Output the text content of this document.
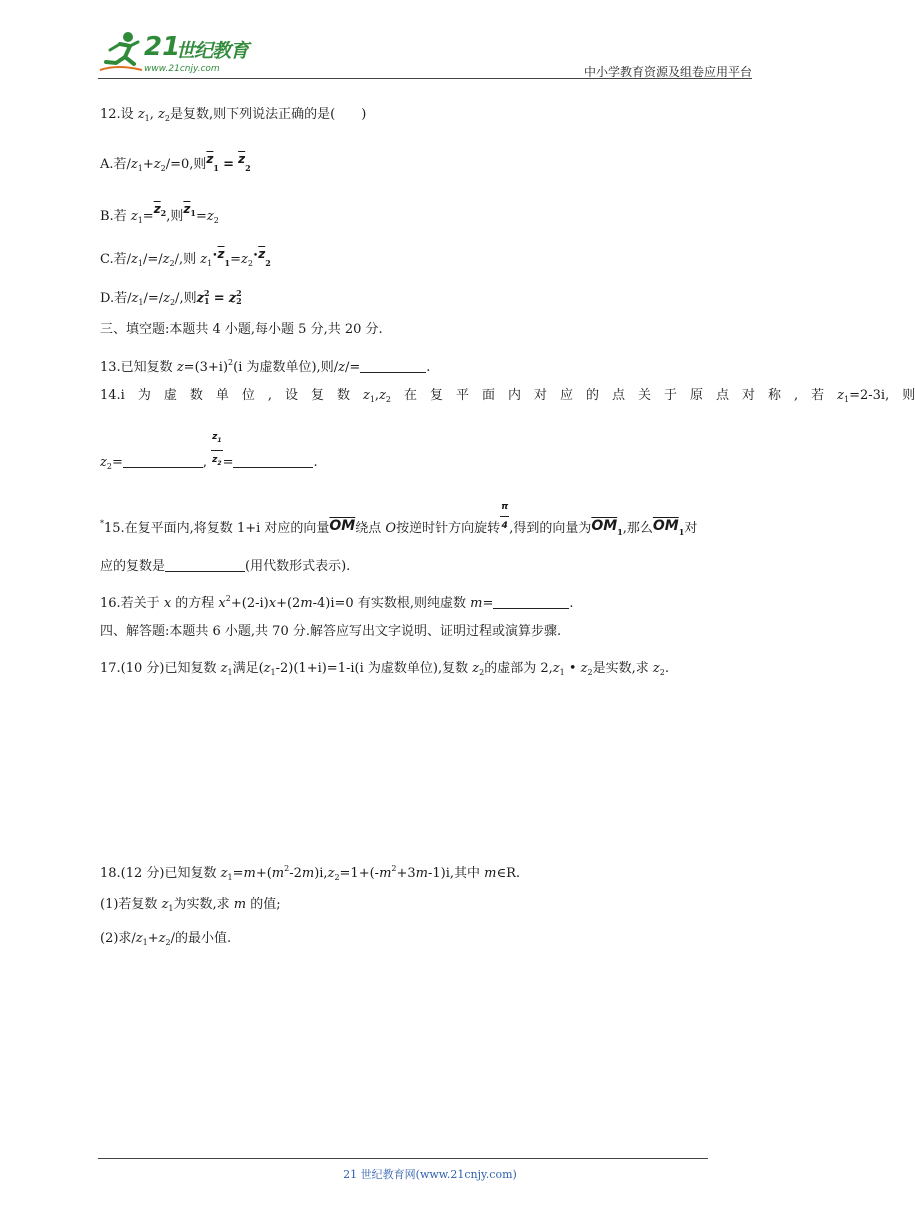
21
世纪教育
www.21cnjy.com	中小学教育资源及组卷应用平台
12.设 $z_1$, $z_2$是复数,则下列说法正确的是(　　)
A.若$/z_1+z_2/=0$,则$\overline{z}_1 = \overline{z}_2$
B.若 $z_1=\overline{z}^2$,则$\overline{z}^1=z_2$
C.若$/z_1/=/z_2/$,则 $z_1^•\overline{z}_1=z_2^•\overline{z}_2$
D.若$/z_1/=/z_2/$,则z2
1 = z2
2
三、填空题:本题共 4 小题,每小题 5 分,共 20 分.
13.已知复数 $z=(3+i)^2(i$ 为虚数单位),则/z/=	.
14.i　为　虚　数　单　位　,　设　复　数　$z_1,z_2$　在　复　平　面　内　对　应　的　点　关　于　原　点　对　称　,　若　$z_1=2-3i$,　则
$z_2=$	, $\frac{z_1}{z_2}$ =	.
*15.在复平面内,将复数 1+i 对应的向量$\overline{OM}$绕点 O按逆时针方向旋转 $\frac{\pi}{4}$ ,得到的向量为$\overline{OM}_1$,那么$\overline{OM}_1$对
应的复数是	(用代数形式表示).
16.若关于 x 的方程 $x^2+(2-i)x+(2m-4)i=0$ 有实数根,则纯虚数 m=	.
四、解答题:本题共 6 小题,共 70 分.解答应写出文字说明、证明过程或演算步骤.
17.(10 分)已知复数 $z_1$满足$(z_1-2)(1+i)=1-i(i$ 为虚数单位),复数 $z_2$的虚部为 $2,z_1$ • $z_2$是实数,求 $z_2$.
18.(12 分)已知复数 $z_1=m+(m^2-2m)i,z_2=1+(-m^2+3m-1)i$,其中 m∈R.
(1)若复数 $z_1$为实数,求 m 的值;
(2)求$/z_1+z_2/$的最小值.
21 世纪教育网(www.21cnjy.com)
